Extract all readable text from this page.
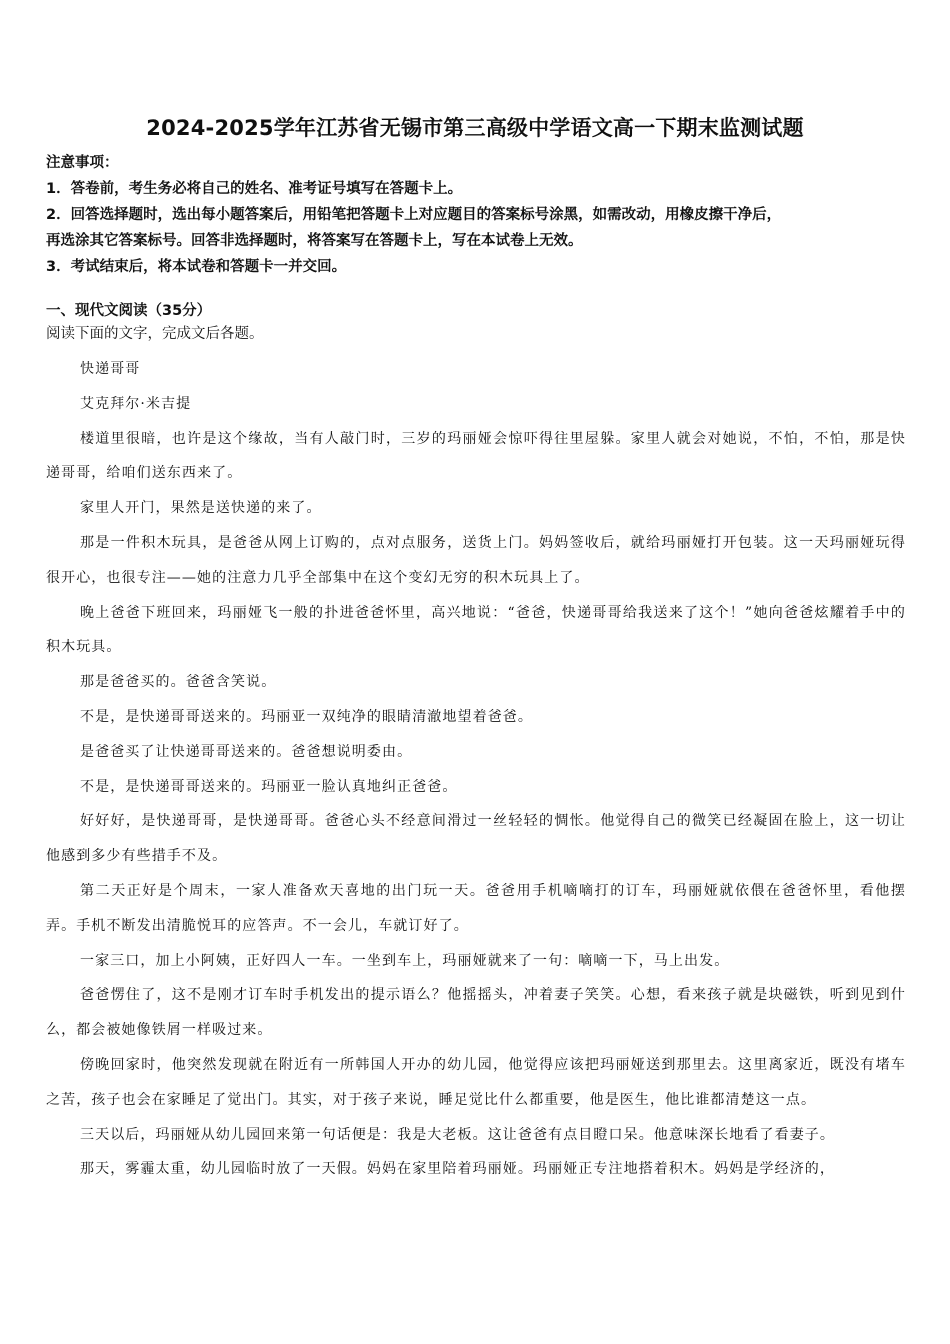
2024-2025学年江苏省无锡市第三高级中学语文高一下期末监测试题
注意事项：
1．答卷前，考生务必将自己的姓名、准考证号填写在答题卡上。
2．回答选择题时，选出每小题答案后，用铅笔把答题卡上对应题目的答案标号涂黑，如需改动，用橡皮擦干净后，
再选涂其它答案标号。回答非选择题时，将答案写在答题卡上，写在本试卷上无效。
3．考试结束后，将本试卷和答题卡一并交回。
一、现代文阅读（35分）
阅读下面的文字，完成文后各题。

快递哥哥

艾克拜尔·米吉提

楼道里很暗，也许是这个缘故，当有人敲门时，三岁的玛丽娅会惊吓得往里屋躲。家里人就会对她说，不怕，不怕，那是快递哥哥，给咱们送东西来了。

家里人开门，果然是送快递的来了。

那是一件积木玩具，是爸爸从网上订购的，点对点服务，送货上门。妈妈签收后，就给玛丽娅打开包装。这一天玛丽娅玩得很开心，也很专注——她的注意力几乎全部集中在这个变幻无穷的积木玩具上了。

晚上爸爸下班回来，玛丽娅飞一般的扑进爸爸怀里，高兴地说：“爸爸，快递哥哥给我送来了这个！”她向爸爸炫耀着手中的积木玩具。

那是爸爸买的。爸爸含笑说。

不是，是快递哥哥送来的。玛丽亚一双纯净的眼睛清澈地望着爸爸。

是爸爸买了让快递哥哥送来的。爸爸想说明委由。

不是，是快递哥哥送来的。玛丽亚一脸认真地纠正爸爸。

好好好，是快递哥哥，是快递哥哥。爸爸心头不经意间滑过一丝轻轻的惆怅。他觉得自己的微笑已经凝固在脸上，这一切让他感到多少有些措手不及。

第二天正好是个周末，一家人准备欢天喜地的出门玩一天。爸爸用手机嘀嘀打的订车，玛丽娅就依偎在爸爸怀里，看他摆弄。手机不断发出清脆悦耳的应答声。不一会儿，车就订好了。

一家三口，加上小阿姨，正好四人一车。一坐到车上，玛丽娅就来了一句：嘀嘀一下，马上出发。

爸爸愣住了，这不是刚才订车时手机发出的提示语么？他摇摇头，冲着妻子笑笑。心想，看来孩子就是块磁铁，听到见到什么，都会被她像铁屑一样吸过来。

傍晚回家时，他突然发现就在附近有一所韩国人开办的幼儿园，他觉得应该把玛丽娅送到那里去。这里离家近，既没有堵车之苦，孩子也会在家睡足了觉出门。其实，对于孩子来说，睡足觉比什么都重要，他是医生，他比谁都清楚这一点。

三天以后，玛丽娅从幼儿园回来第一句话便是：我是大老板。这让爸爸有点目瞪口呆。他意味深长地看了看妻子。

那天，雾霾太重，幼儿园临时放了一天假。妈妈在家里陪着玛丽娅。玛丽娅正专注地搭着积木。妈妈是学经济的，
